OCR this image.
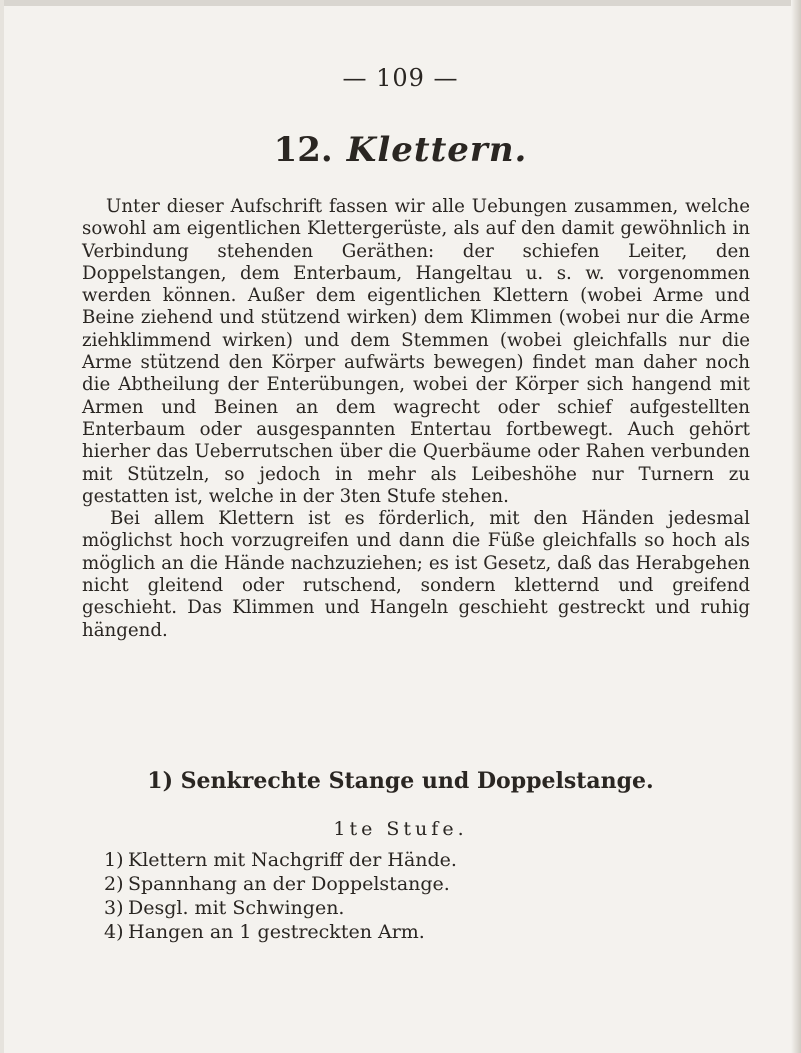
— 109 —
12. Klettern.

Unter dieser Aufschrift fassen wir alle Uebungen zusammen, welche sowohl am eigentlichen Klettergerüste, als auf den damit gewöhnlich in Verbindung stehenden Geräthen: der schiefen Leiter, den Doppelstangen, dem Enterbaum, Hangeltau u. s. w. vorgenommen werden können. Außer dem eigentlichen Klettern (wobei Arme und Beine ziehend und stützend wirken) dem Klimmen (wobei nur die Arme ziehklimmend wirken) und dem Stemmen (wobei gleichfalls nur die Arme stützend den Körper aufwärts bewegen) findet man daher noch die Abtheilung der Enterübungen, wobei der Körper sich hangend mit Armen und Beinen an dem wagrecht oder schief aufgestellten Enterbaum oder ausgespannten Entertau fortbewegt. Auch gehört hierher das Ueberrutschen über die Querbäume oder Rahen verbunden mit Stützeln, so jedoch in mehr als Leibeshöhe nur Turnern zu gestatten ist, welche in der 3ten Stufe stehen.

Bei allem Klettern ist es förderlich, mit den Händen jedesmal möglichst hoch vorzugreifen und dann die Füße gleichfalls so hoch als möglich an die Hände nachzuziehen; es ist Gesetz, daß das Herabgehen nicht gleitend oder rutschend, sondern kletternd und greifend geschieht. Das Klimmen und Hangeln geschieht gestreckt und ruhig hängend.

1) Senkrechte Stange und Doppelstange.
1te Stufe.
1) Klettern mit Nachgriff der Hände.
2) Spannhang an der Doppelstange.
3) Desgl. mit Schwingen.
4) Hangen an 1 gestreckten Arm.
